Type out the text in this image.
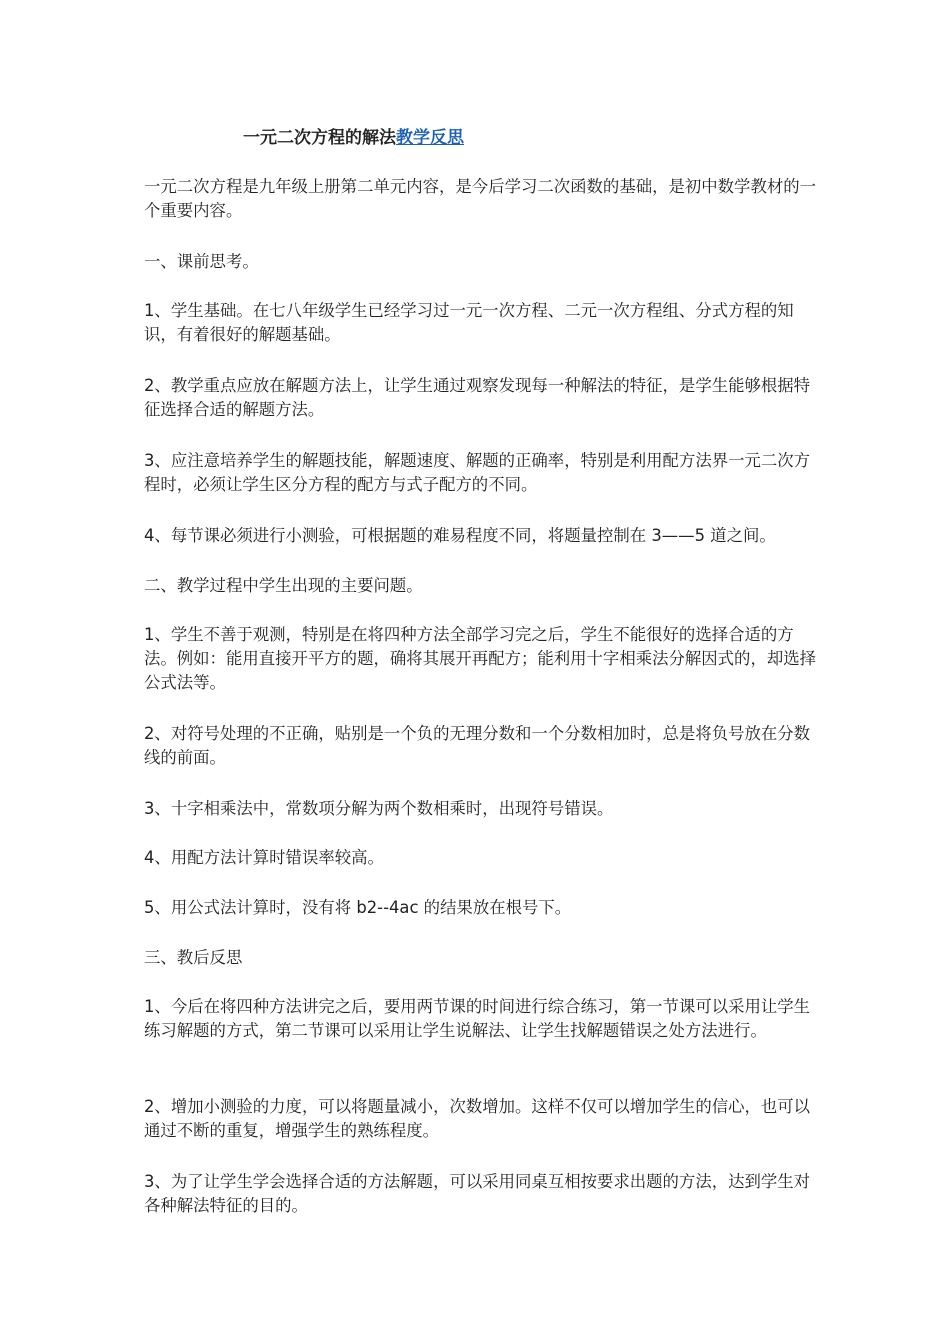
一元二次方程的解法教学反思

一元二次方程是九年级上册第二单元内容，是今后学习二次函数的基础，是初中数学教材的一个重要内容。

一、课前思考。

1、学生基础。在七八年级学生已经学习过一元一次方程、二元一次方程组、分式方程的知识，有着很好的解题基础。

2、教学重点应放在解题方法上，让学生通过观察发现每一种解法的特征，是学生能够根据特征选择合适的解题方法。

3、应注意培养学生的解题技能，解题速度、解题的正确率，特别是利用配方法界一元二次方程时，必须让学生区分方程的配方与式子配方的不同。

4、每节课必须进行小测验，可根据题的难易程度不同，将题量控制在 3——5 道之间。

二、教学过程中学生出现的主要问题。

1、学生不善于观测，特别是在将四种方法全部学习完之后，学生不能很好的选择合适的方法。例如：能用直接开平方的题，确将其展开再配方；能利用十字相乘法分解因式的，却选择公式法等。

2、对符号处理的不正确，贴别是一个负的无理分数和一个分数相加时，总是将负号放在分数线的前面。

3、十字相乘法中，常数项分解为两个数相乘时，出现符号错误。

4、用配方法计算时错误率较高。

5、用公式法计算时，没有将 b2--4ac 的结果放在根号下。

三、教后反思

1、今后在将四种方法讲完之后，要用两节课的时间进行综合练习，第一节课可以采用让学生练习解题的方式，第二节课可以采用让学生说解法、让学生找解题错误之处方法进行。

2、增加小测验的力度，可以将题量减小，次数增加。这样不仅可以增加学生的信心，也可以通过不断的重复，增强学生的熟练程度。

3、为了让学生学会选择合适的方法解题，可以采用同桌互相按要求出题的方法，达到学生对各种解法特征的目的。
